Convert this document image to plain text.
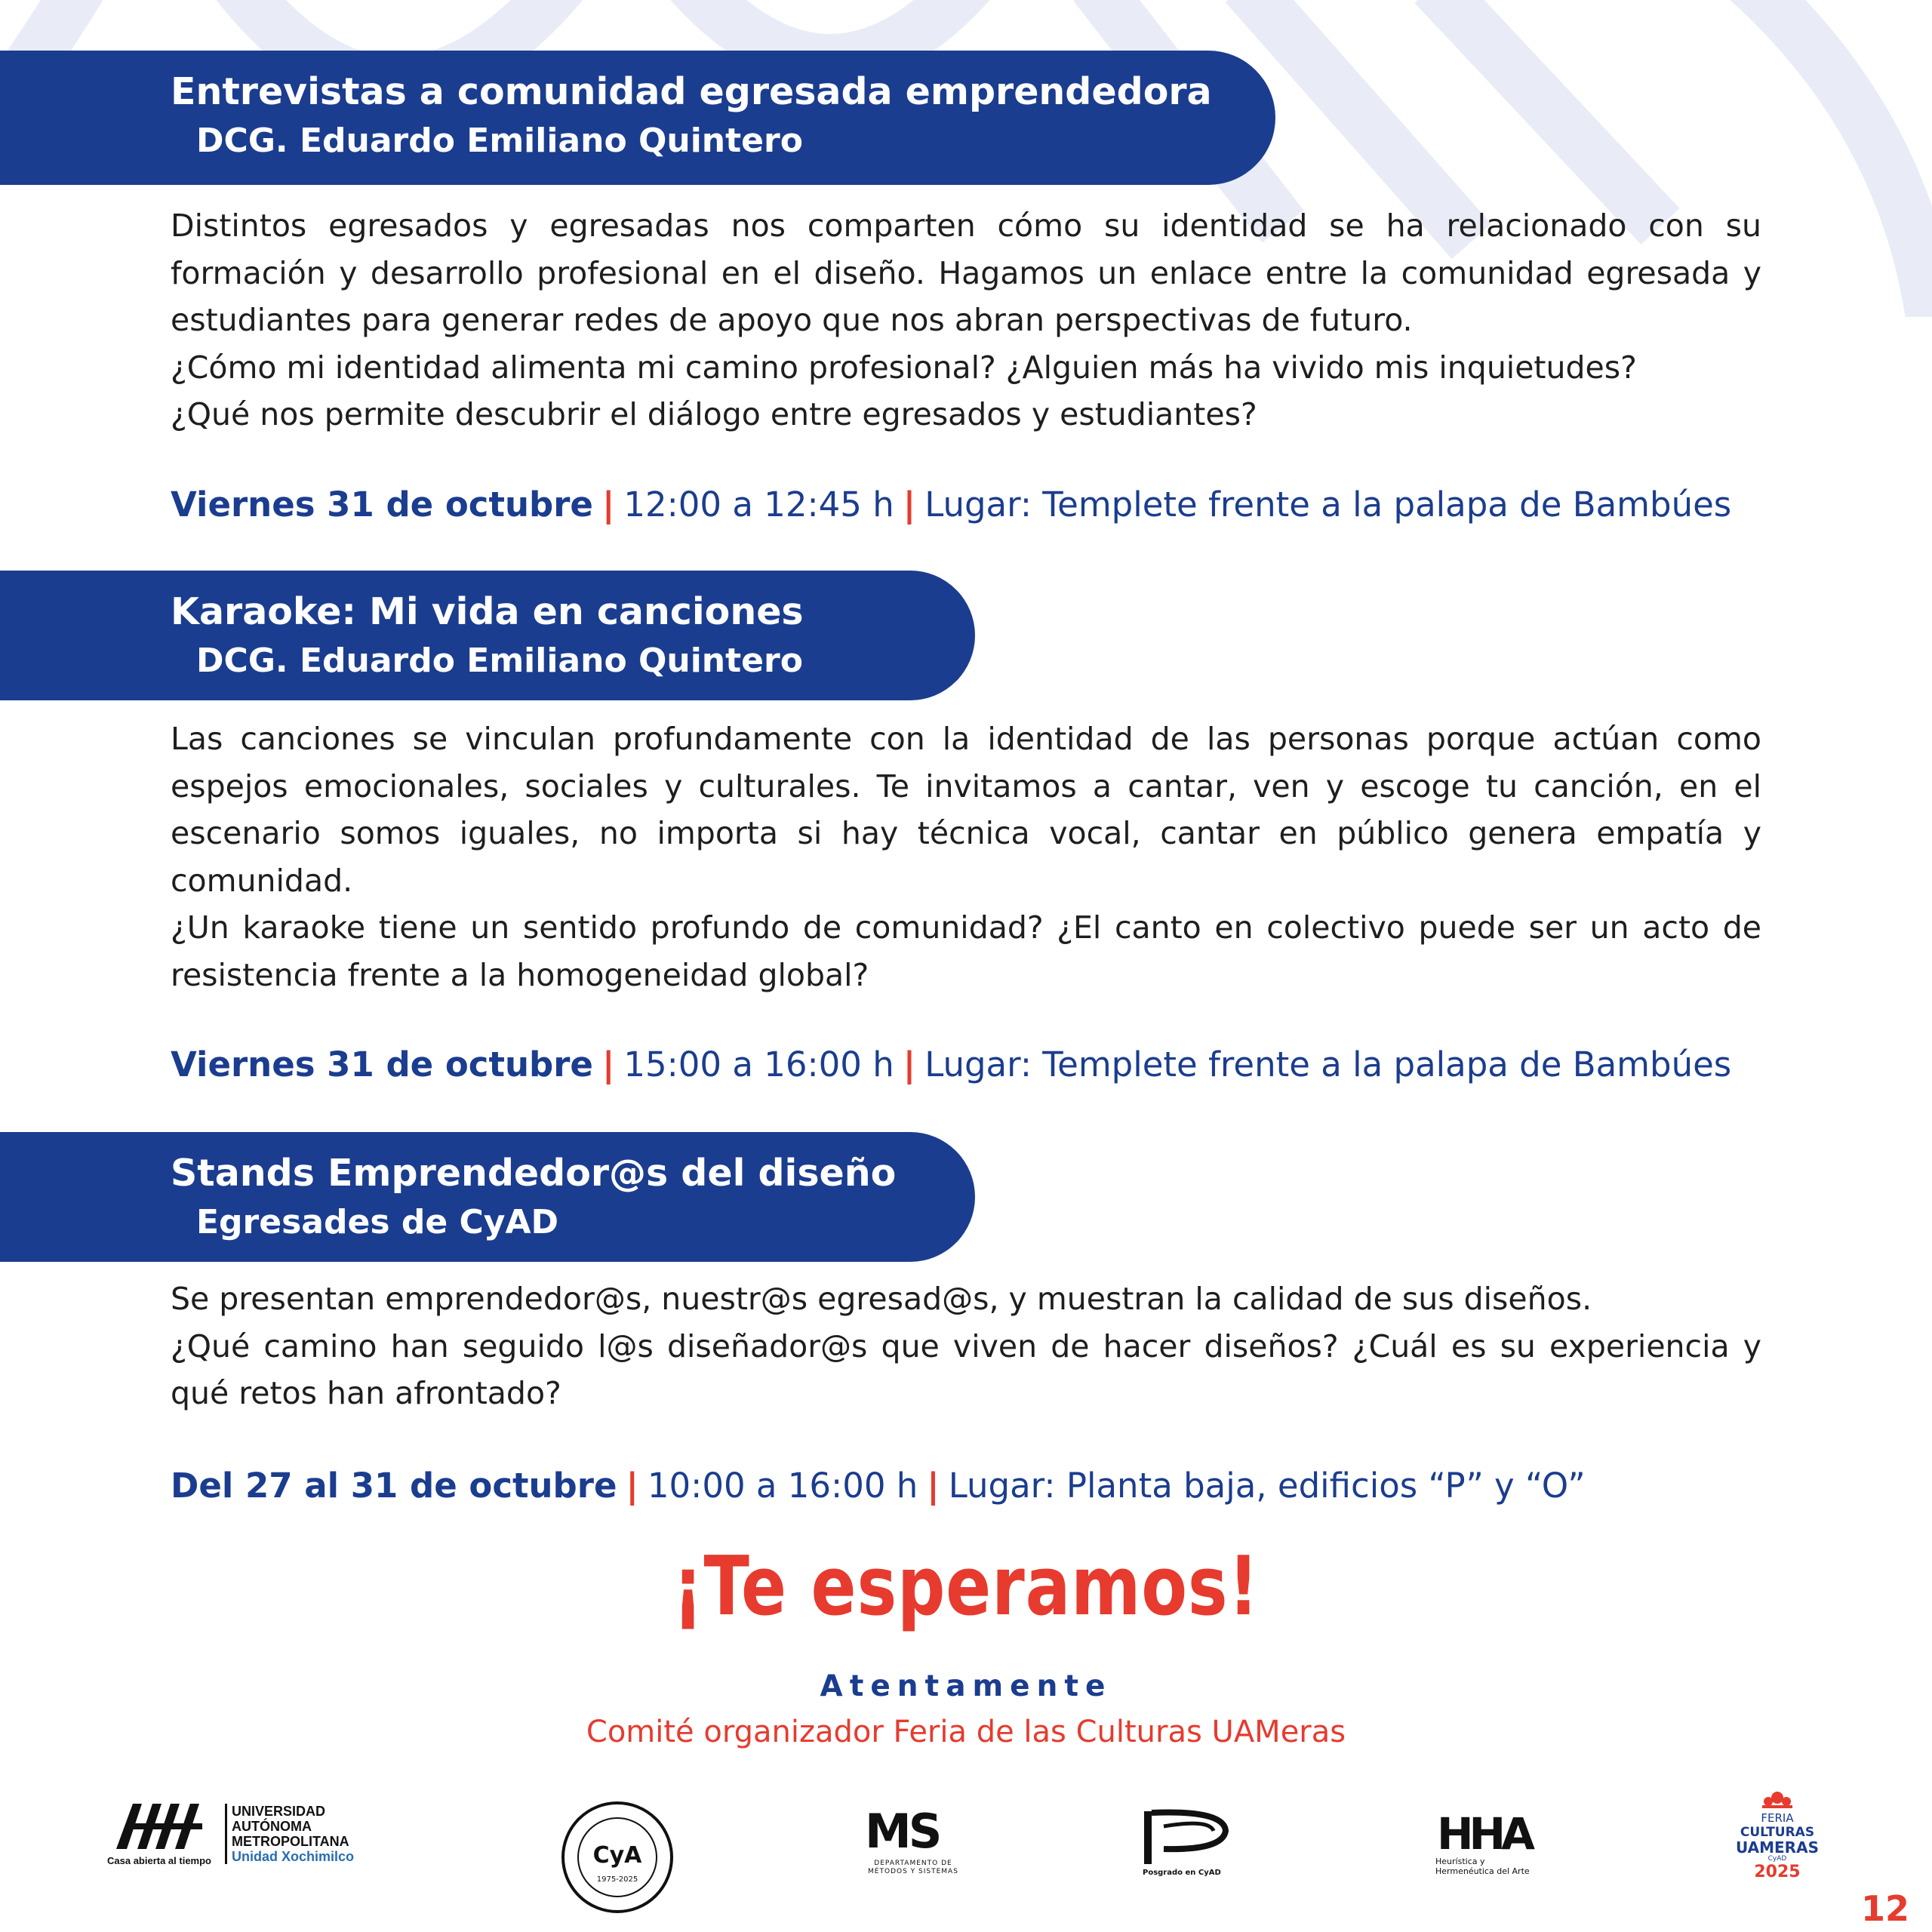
Entrevistas a comunidad egresada emprendedora
DCG. Eduardo Emiliano Quintero

Distintos egresados y egresadas nos comparten cómo su identidad se ha relacionado con su formación y desarrollo profesional en el diseño. Hagamos un enlace entre la comunidad egresada y estudiantes para generar redes de apoyo que nos abran perspectivas de futuro.

¿Cómo mi identidad alimenta mi camino profesional? ¿Alguien más ha vivido mis inquietudes?

¿Qué nos permite descubrir el diálogo entre egresados y estudiantes?

Viernes 31 de octubre | 12:00 a 12:45 h | Lugar: Templete frente a la palapa de Bambúes
Karaoke: Mi vida en canciones
DCG. Eduardo Emiliano Quintero

Las canciones se vinculan profundamente con la identidad de las personas porque actúan como espejos emocionales, sociales y culturales. Te invitamos a cantar, ven y escoge tu canción, en el escenario somos iguales, no importa si hay técnica vocal, cantar en público genera empatía y comunidad.

¿Un karaoke tiene un sentido profundo de comunidad? ¿El canto en colectivo puede ser un acto de resistencia frente a la homogeneidad global?

Viernes 31 de octubre | 15:00 a 16:00 h | Lugar: Templete frente a la palapa de Bambúes
Stands Emprendedor@s del diseño
Egresades de CyAD

Se presentan emprendedor@s, nuestr@s egresad@s, y muestran la calidad de sus diseños.

¿Qué camino han seguido l@s diseñador@s que viven de hacer diseños? ¿Cuál es su experiencia y qué retos han afrontado?

Del 27 al 31 de octubre | 10:00 a 16:00 h | Lugar: Planta baja, edificios “P” y “O”
¡Te esperamos!
Atentamente
Comité organizador Feria de las Culturas UAMeras
Casa abierta al tiempo
UNIVERSIDAD
AUTÓNOMA
METROPOLITANA
Unidad Xochimilco	CyA
1975-2025
MS
DEPARTAMENTO DE
MÉTODOS Y SISTEMAS	Posgrado en CyAD
HHA
Heurística y
Hermenéutica del Arte
FERIA
CULTURAS
UAMERAS
CyAD
2025
12
